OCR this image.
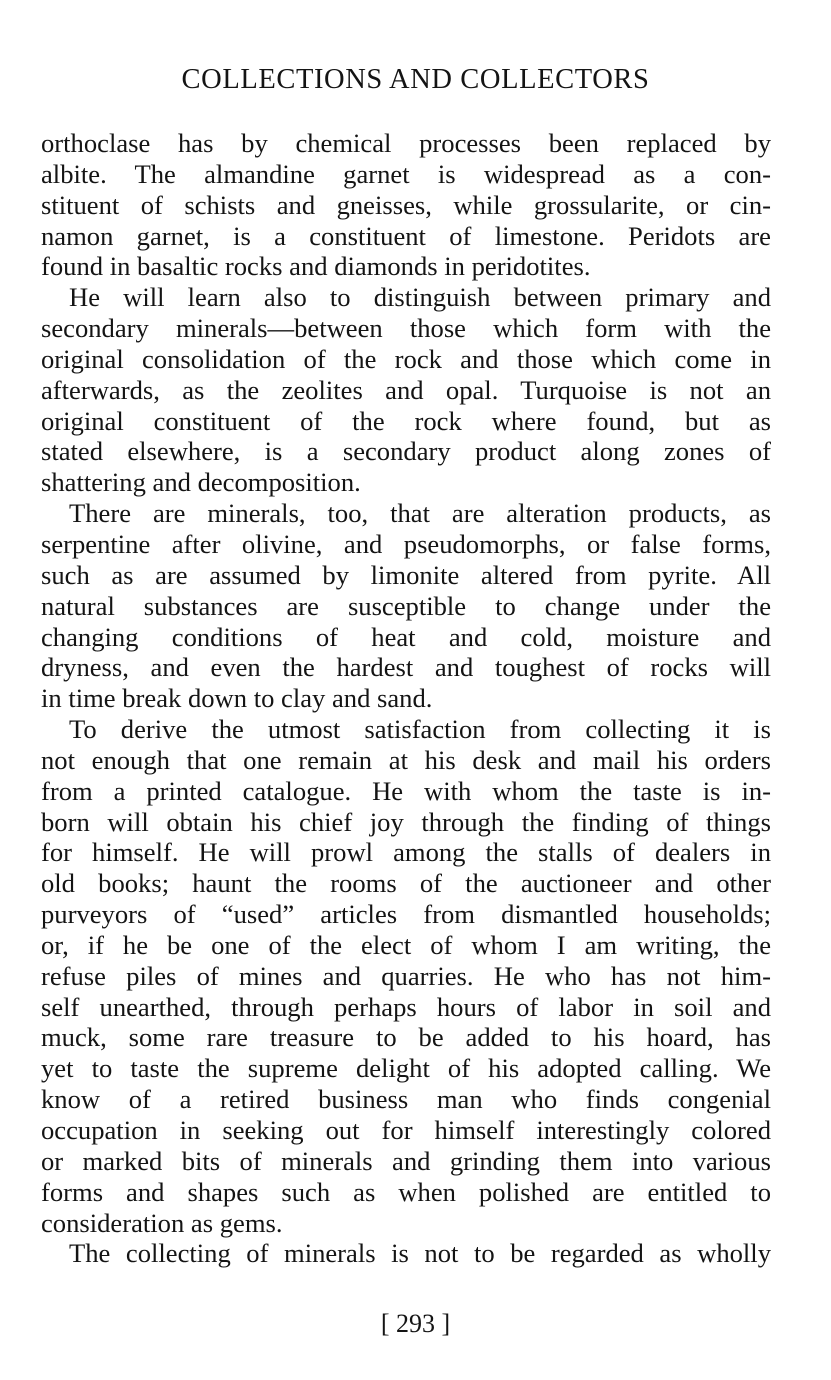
COLLECTIONS AND COLLECTORS
orthoclase has by chemical processes been replaced by
albite. The almandine garnet is widespread as a con-
stituent of schists and gneisses, while grossularite, or cin-
namon garnet, is a constituent of limestone. Peridots are
found in basaltic rocks and diamonds in peridotites.
He will learn also to distinguish between primary and
secondary minerals—between those which form with the
original consolidation of the rock and those which come in
afterwards, as the zeolites and opal. Turquoise is not an
original constituent of the rock where found, but as
stated elsewhere, is a secondary product along zones of
shattering and decomposition.
There are minerals, too, that are alteration products, as
serpentine after olivine, and pseudomorphs, or false forms,
such as are assumed by limonite altered from pyrite. All
natural substances are susceptible to change under the
changing conditions of heat and cold, moisture and
dryness, and even the hardest and toughest of rocks will
in time break down to clay and sand.
To derive the utmost satisfaction from collecting it is
not enough that one remain at his desk and mail his orders
from a printed catalogue. He with whom the taste is in-
born will obtain his chief joy through the finding of things
for himself. He will prowl among the stalls of dealers in
old books; haunt the rooms of the auctioneer and other
purveyors of “used” articles from dismantled households;
or, if he be one of the elect of whom I am writing, the
refuse piles of mines and quarries. He who has not him-
self unearthed, through perhaps hours of labor in soil and
muck, some rare treasure to be added to his hoard, has
yet to taste the supreme delight of his adopted calling. We
know of a retired business man who finds congenial
occupation in seeking out for himself interestingly colored
or marked bits of minerals and grinding them into various
forms and shapes such as when polished are entitled to
consideration as gems.
The collecting of minerals is not to be regarded as wholly
[ 293 ]
